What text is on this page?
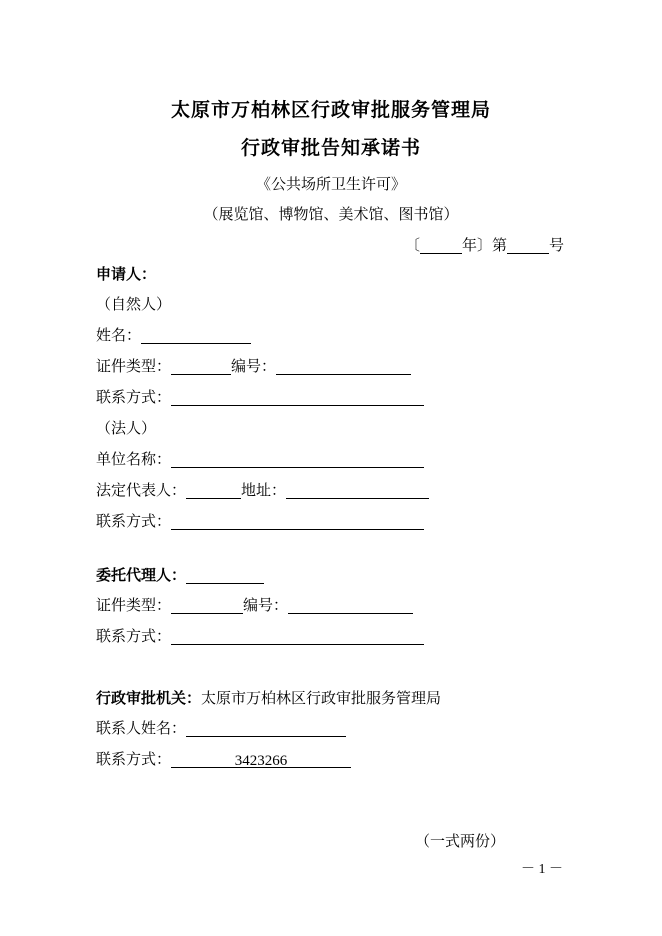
太原市万柏林区行政审批服务管理局
行政审批告知承诺书
《公共场所卫生许可》
（展览馆、博物馆、美术馆、图书馆）
〔	年〕第	号
申请人：
（自然人）
姓名：
证件类型：	编号：
联系方式：
（法人）
单位名称：
法定代表人：	地址：
联系方式：
委托代理人：
证件类型：	编号：
联系方式：
行政审批机关：太原市万柏林区行政审批服务管理局
联系人姓名：
联系方式：	3423266
（一式两份）
－ 1 －
